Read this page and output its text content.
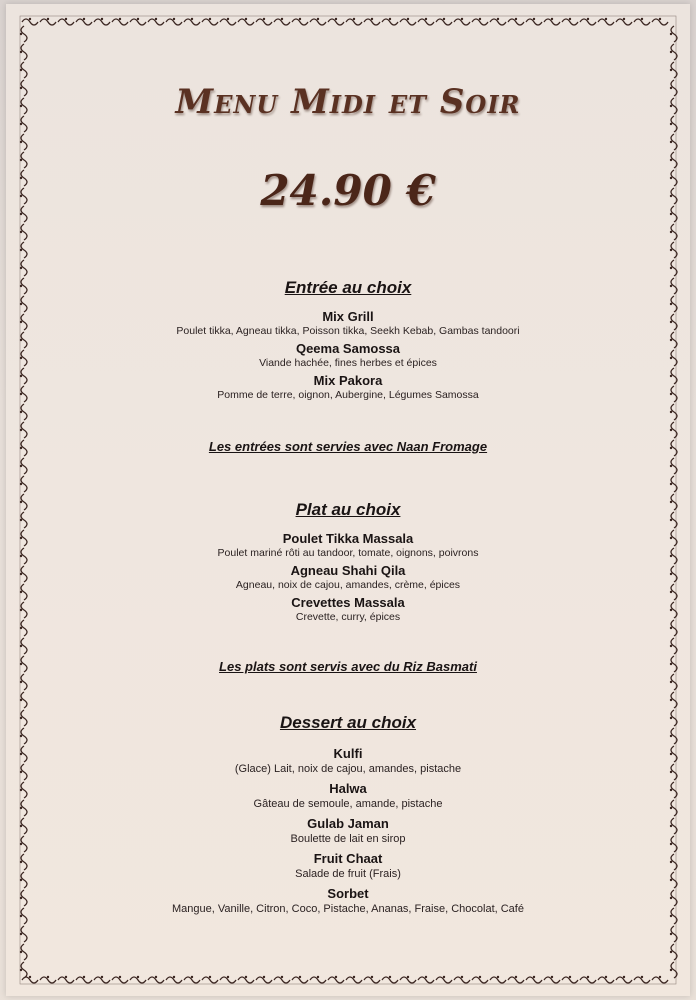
Menu Midi et Soir
24.90 €
Entrée au choix
Mix Grill
Poulet tikka, Agneau tikka, Poisson tikka, Seekh Kebab, Gambas tandoori
Qeema Samossa
Viande hachée, fines herbes et épices
Mix Pakora
Pomme de terre, oignon, Aubergine, Légumes Samossa
Les entrées sont servies avec Naan Fromage
Plat au choix
Poulet Tikka Massala
Poulet mariné rôti au tandoor, tomate, oignons, poivrons
Agneau Shahi Qila
Agneau, noix de cajou, amandes, crème, épices
Crevettes Massala
Crevette, curry, épices
Les plats sont servis avec du Riz Basmati
Dessert au choix
Kulfi
(Glace) Lait, noix de cajou, amandes, pistache
Halwa
Gâteau de semoule, amande, pistache
Gulab Jaman
Boulette de lait en sirop
Fruit Chaat
Salade de fruit (Frais)
Sorbet
Mangue, Vanille, Citron, Coco, Pistache, Ananas, Fraise, Chocolat, Café
